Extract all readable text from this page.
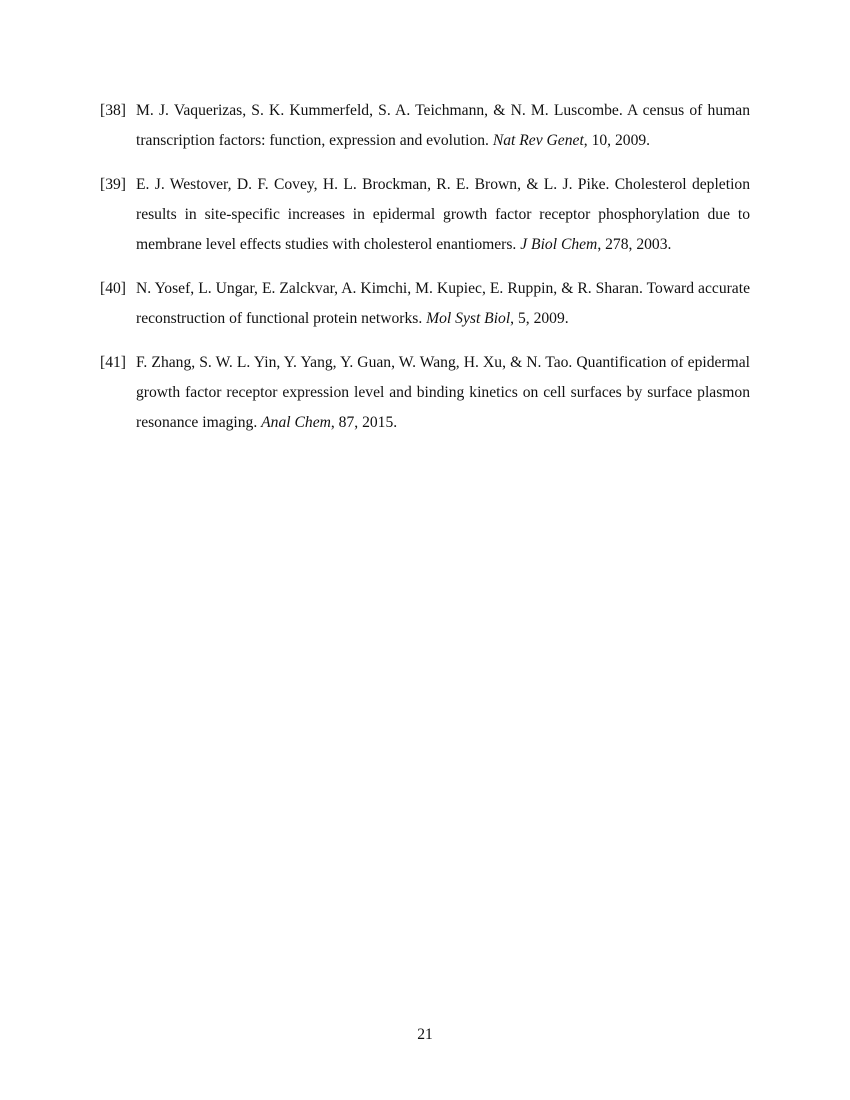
[38] M. J. Vaquerizas, S. K. Kummerfeld, S. A. Teichmann, & N. M. Luscombe. A census of human transcription factors: function, expression and evolution. Nat Rev Genet, 10, 2009.
[39] E. J. Westover, D. F. Covey, H. L. Brockman, R. E. Brown, & L. J. Pike. Cholesterol depletion results in site-specific increases in epidermal growth factor receptor phosphorylation due to membrane level effects studies with cholesterol enantiomers. J Biol Chem, 278, 2003.
[40] N. Yosef, L. Ungar, E. Zalckvar, A. Kimchi, M. Kupiec, E. Ruppin, & R. Sharan. Toward accurate reconstruction of functional protein networks. Mol Syst Biol, 5, 2009.
[41] F. Zhang, S. W. L. Yin, Y. Yang, Y. Guan, W. Wang, H. Xu, & N. Tao. Quantification of epidermal growth factor receptor expression level and binding kinetics on cell surfaces by surface plasmon resonance imaging. Anal Chem, 87, 2015.
21
